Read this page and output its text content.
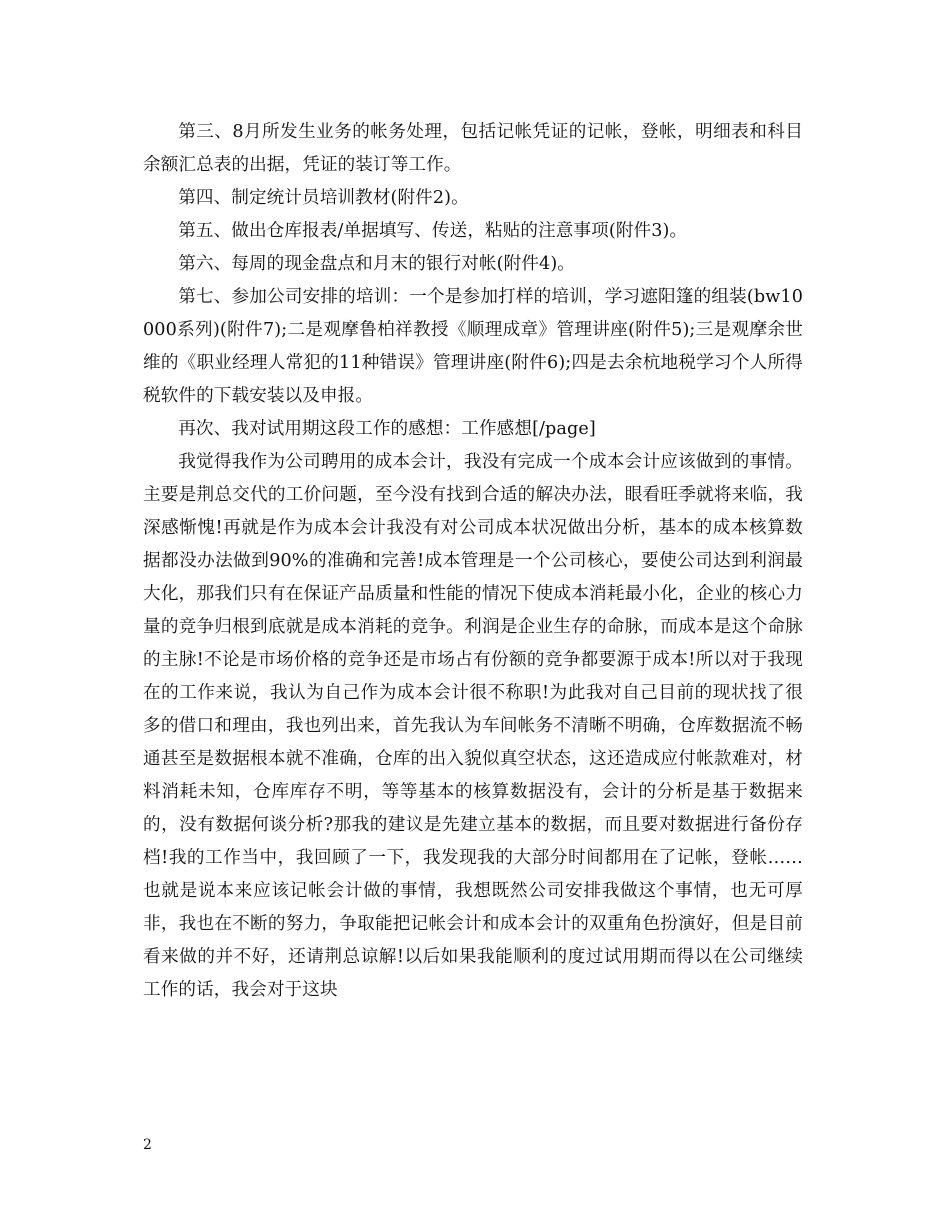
第三、8月所发生业务的帐务处理，包括记帐凭证的记帐，登帐，明细表和科目余额汇总表的出据，凭证的装订等工作。

第四、制定统计员培训教材(附件2)。

第五、做出仓库报表/单据填写、传送，粘贴的注意事项(附件3)。

第六、每周的现金盘点和月末的银行对帐(附件4)。

第七、参加公司安排的培训：一个是参加打样的培训，学习遮阳篷的组装(bw10000系列)(附件7);二是观摩鲁柏祥教授《顺理成章》管理讲座(附件5);三是观摩余世维的《职业经理人常犯的11种错误》管理讲座(附件6);四是去余杭地税学习个人所得税软件的下载安装以及申报。

再次、我对试用期这段工作的感想：工作感想[/page]

我觉得我作为公司聘用的成本会计，我没有完成一个成本会计应该做到的事情。主要是荆总交代的工价问题，至今没有找到合适的解决办法，眼看旺季就将来临，我深感惭愧!再就是作为成本会计我没有对公司成本状况做出分析，基本的成本核算数据都没办法做到90%的准确和完善!成本管理是一个公司核心，要使公司达到利润最大化，那我们只有在保证产品质量和性能的情况下使成本消耗最小化，企业的核心力量的竞争归根到底就是成本消耗的竞争。利润是企业生存的命脉，而成本是这个命脉的主脉!不论是市场价格的竞争还是市场占有份额的竞争都要源于成本!所以对于我现在的工作来说，我认为自己作为成本会计很不称职!为此我对自己目前的现状找了很多的借口和理由，我也列出来，首先我认为车间帐务不清晰不明确，仓库数据流不畅通甚至是数据根本就不准确，仓库的出入貌似真空状态，这还造成应付帐款难对，材料消耗未知，仓库库存不明，等等基本的核算数据没有，会计的分析是基于数据来的，没有数据何谈分析?那我的建议是先建立基本的数据，而且要对数据进行备份存档!我的工作当中，我回顾了一下，我发现我的大部分时间都用在了记帐，登帐……也就是说本来应该记帐会计做的事情，我想既然公司安排我做这个事情，也无可厚非，我也在不断的努力，争取能把记帐会计和成本会计的双重角色扮演好，但是目前看来做的并不好，还请荆总谅解!以后如果我能顺利的度过试用期而得以在公司继续工作的话，我会对于这块

2
